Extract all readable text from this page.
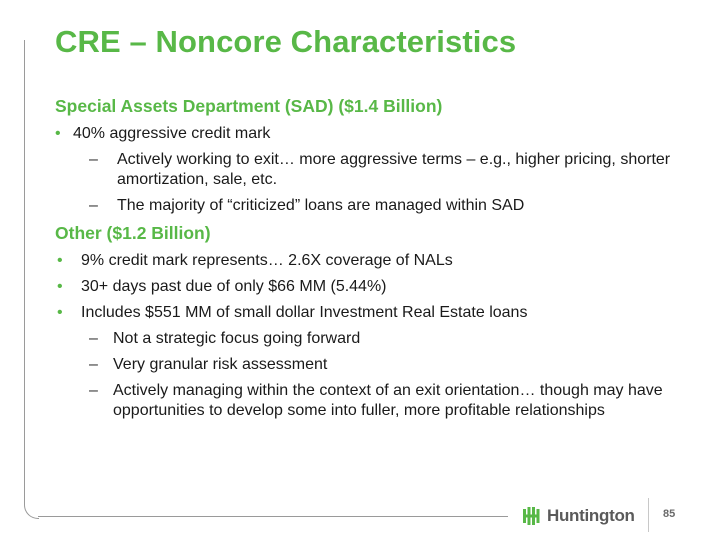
CRE – Noncore Characteristics
Special Assets Department (SAD) ($1.4 Billion)
• 40% aggressive credit mark
– Actively working to exit… more aggressive terms – e.g., higher pricing, shorter amortization, sale, etc.
– The majority of “criticized” loans are managed within SAD
Other ($1.2 Billion)
• 9% credit mark represents… 2.6X coverage of NALs
• 30+ days past due of only $66 MM (5.44%)
• Includes $551 MM of small dollar Investment Real Estate loans
– Not a strategic focus going forward
– Very granular risk assessment
– Actively managing within the context of an exit orientation… though may have opportunities to develop some into fuller, more profitable relationships
Huntington	85
